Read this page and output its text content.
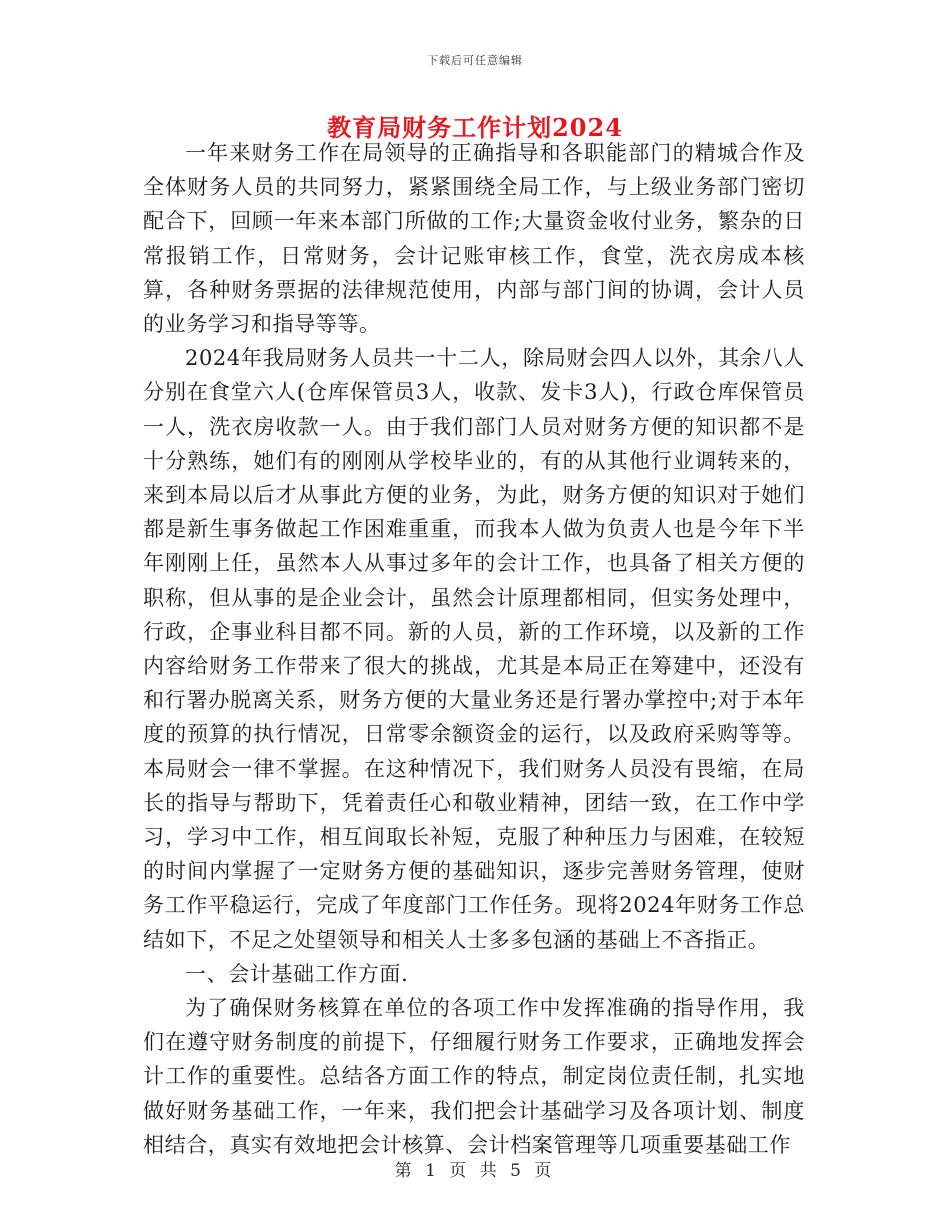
下载后可任意编辑
教育局财务工作计划2024

一年来财务工作在局领导的正确指导和各职能部门的精城合作及全体财务人员的共同努力，紧紧围绕全局工作，与上级业务部门密切配合下，回顾一年来本部门所做的工作;大量资金收付业务，繁杂的日常报销工作，日常财务，会计记账审核工作，食堂，洗衣房成本核算，各种财务票据的法律规范使用，内部与部门间的协调，会计人员的业务学习和指导等等。

2024年我局财务人员共一十二人，除局财会四人以外，其余八人分别在食堂六人(仓库保管员3人，收款、发卡3人)，行政仓库保管员一人，洗衣房收款一人。由于我们部门人员对财务方便的知识都不是十分熟练，她们有的刚刚从学校毕业的，有的从其他行业调转来的，来到本局以后才从事此方便的业务，为此，财务方便的知识对于她们都是新生事务做起工作困难重重，而我本人做为负责人也是今年下半年刚刚上任，虽然本人从事过多年的会计工作，也具备了相关方便的职称，但从事的是企业会计，虽然会计原理都相同，但实务处理中，行政，企事业科目都不同。新的人员，新的工作环境，以及新的工作内容给财务工作带来了很大的挑战，尤其是本局正在筹建中，还没有和行署办脱离关系，财务方便的大量业务还是行署办掌控中;对于本年度的预算的执行情况，日常零余额资金的运行，以及政府采购等等。本局财会一律不掌握。在这种情况下，我们财务人员没有畏缩，在局长的指导与帮助下，凭着责任心和敬业精神，团结一致，在工作中学习，学习中工作，相互间取长补短，克服了种种压力与困难，在较短的时间内掌握了一定财务方便的基础知识，逐步完善财务管理，使财务工作平稳运行，完成了年度部门工作任务。现将2024年财务工作总结如下，不足之处望领导和相关人士多多包涵的基础上不吝指正。

一、会计基础工作方面.

为了确保财务核算在单位的各项工作中发挥准确的指导作用，我们在遵守财务制度的前提下，仔细履行财务工作要求，正确地发挥会计工作的重要性。总结各方面工作的特点，制定岗位责任制，扎实地做好财务基础工作，一年来，我们把会计基础学习及各项计划、制度相结合，真实有效地把会计核算、会计档案管理等几项重要基础工作

第 1 页 共 5 页
